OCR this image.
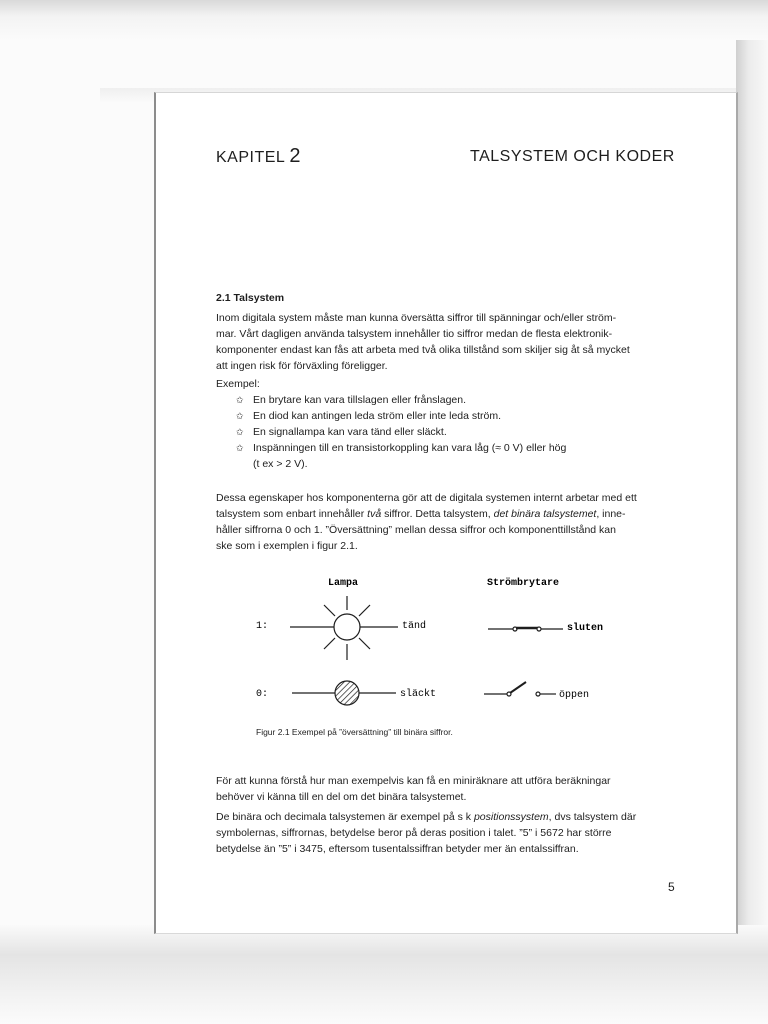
KAPITEL 2	TALSYSTEM OCH KODER
2.1 Talsystem
Inom digitala system måste man kunna översätta siffror till spänningar och/eller ström-
mar. Vårt dagligen använda talsystem innehåller tio siffror medan de flesta elektronik-
komponenter endast kan fås att arbeta med två olika tillstånd som skiljer sig åt så mycket
att ingen risk för förväxling föreligger.
Exempel:
✩ En brytare kan vara tillslagen eller frånslagen.
✩ En diod kan antingen leda ström eller inte leda ström.
✩ En signallampa kan vara tänd eller släckt.
✩ Inspänningen till en transistorkoppling kan vara låg (≈ 0 V) eller hög
(t ex > 2 V).
Dessa egenskaper hos komponenterna gör att de digitala systemen internt arbetar med ett
talsystem som enbart innehåller två siffror. Detta talsystem, det binära talsystemet, inne-
håller siffrorna 0 och 1. ”Översättning” mellan dessa siffror och komponenttillstånd kan
ske som i exemplen i figur 2.1.
Lampa	Strömbrytare
1:
0:
tänd
släckt
sluten
öppen
Figur 2.1 Exempel på ”översättning” till binära siffror.
För att kunna förstå hur man exempelvis kan få en miniräknare att utföra beräkningar
behöver vi känna till en del om det binära talsystemet.
De binära och decimala talsystemen är exempel på s k positionssystem, dvs talsystem där
symbolernas, siffrornas, betydelse beror på deras position i talet. ”5” i 5672 har större
betydelse än ”5” i 3475, eftersom tusentalssiffran betyder mer än entalssiffran.
5
